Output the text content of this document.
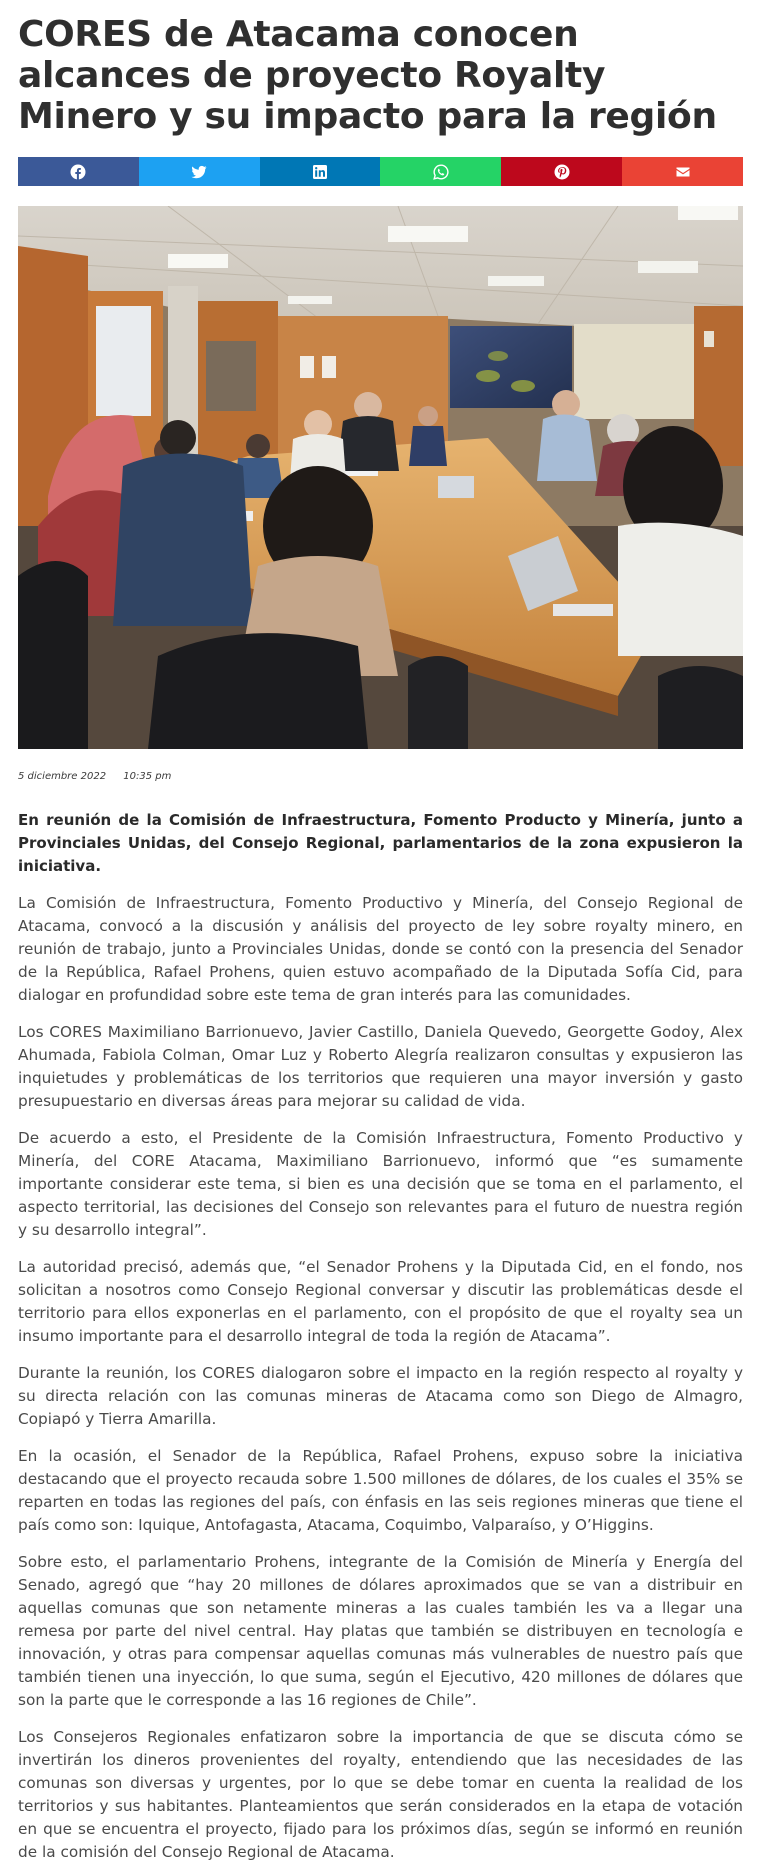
CORES de Atacama conocen alcances de proyecto Royalty Minero y su impacto para la región
5 diciembre 2022 10:35 pm

En reunión de la Comisión de Infraestructura, Fomento Producto y Minería, junto a Provinciales Unidas, del Consejo Regional, parlamentarios de la zona expusieron la iniciativa.

La Comisión de Infraestructura, Fomento Productivo y Minería, del Consejo Regional de Atacama, convocó a la discusión y análisis del proyecto de ley sobre royalty minero, en reunión de trabajo, junto a Provinciales Unidas, donde se contó con la presencia del Senador de la República, Rafael Prohens, quien estuvo acompañado de la Diputada Sofía Cid, para dialogar en profundidad sobre este tema de gran interés para las comunidades.

Los CORES Maximiliano Barrionuevo, Javier Castillo, Daniela Quevedo, Georgette Godoy, Alex Ahumada, Fabiola Colman, Omar Luz y Roberto Alegría realizaron consultas y expusieron las inquietudes y problemáticas de los territorios que requieren una mayor inversión y gasto presupuestario en diversas áreas para mejorar su calidad de vida.

De acuerdo a esto, el Presidente de la Comisión Infraestructura, Fomento Productivo y Minería, del CORE Atacama, Maximiliano Barrionuevo, informó que “es sumamente importante considerar este tema, si bien es una decisión que se toma en el parlamento, el aspecto territorial, las decisiones del Consejo son relevantes para el futuro de nuestra región y su desarrollo integral”.

La autoridad precisó, además que, “el Senador Prohens y la Diputada Cid, en el fondo, nos solicitan a nosotros como Consejo Regional conversar y discutir las problemáticas desde el territorio para ellos exponerlas en el parlamento, con el propósito de que el royalty sea un insumo importante para el desarrollo integral de toda la región de Atacama”.

Durante la reunión, los CORES dialogaron sobre el impacto en la región respecto al royalty y su directa relación con las comunas mineras de Atacama como son Diego de Almagro, Copiapó y Tierra Amarilla.

En la ocasión, el Senador de la República, Rafael Prohens, expuso sobre la iniciativa destacando que el proyecto recauda sobre 1.500 millones de dólares, de los cuales el 35% se reparten en todas las regiones del país, con énfasis en las seis regiones mineras que tiene el país como son: Iquique, Antofagasta, Atacama, Coquimbo, Valparaíso, y O’Higgins.

Sobre esto, el parlamentario Prohens, integrante de la Comisión de Minería y Energía del Senado, agregó que “hay 20 millones de dólares aproximados que se van a distribuir en aquellas comunas que son netamente mineras a las cuales también les va a llegar una remesa por parte del nivel central. Hay platas que también se distribuyen en tecnología e innovación, y otras para compensar aquellas comunas más vulnerables de nuestro país que también tienen una inyección, lo que suma, según el Ejecutivo, 420 millones de dólares que son la parte que le corresponde a las 16 regiones de Chile”.

Los Consejeros Regionales enfatizaron sobre la importancia de que se discuta cómo se invertirán los dineros provenientes del royalty, entendiendo que las necesidades de las comunas son diversas y urgentes, por lo que se debe tomar en cuenta la realidad de los territorios y sus habitantes. Planteamientos que serán considerados en la etapa de votación en que se encuentra el proyecto, fijado para los próximos días, según se informó en reunión de la comisión del Consejo Regional de Atacama.
